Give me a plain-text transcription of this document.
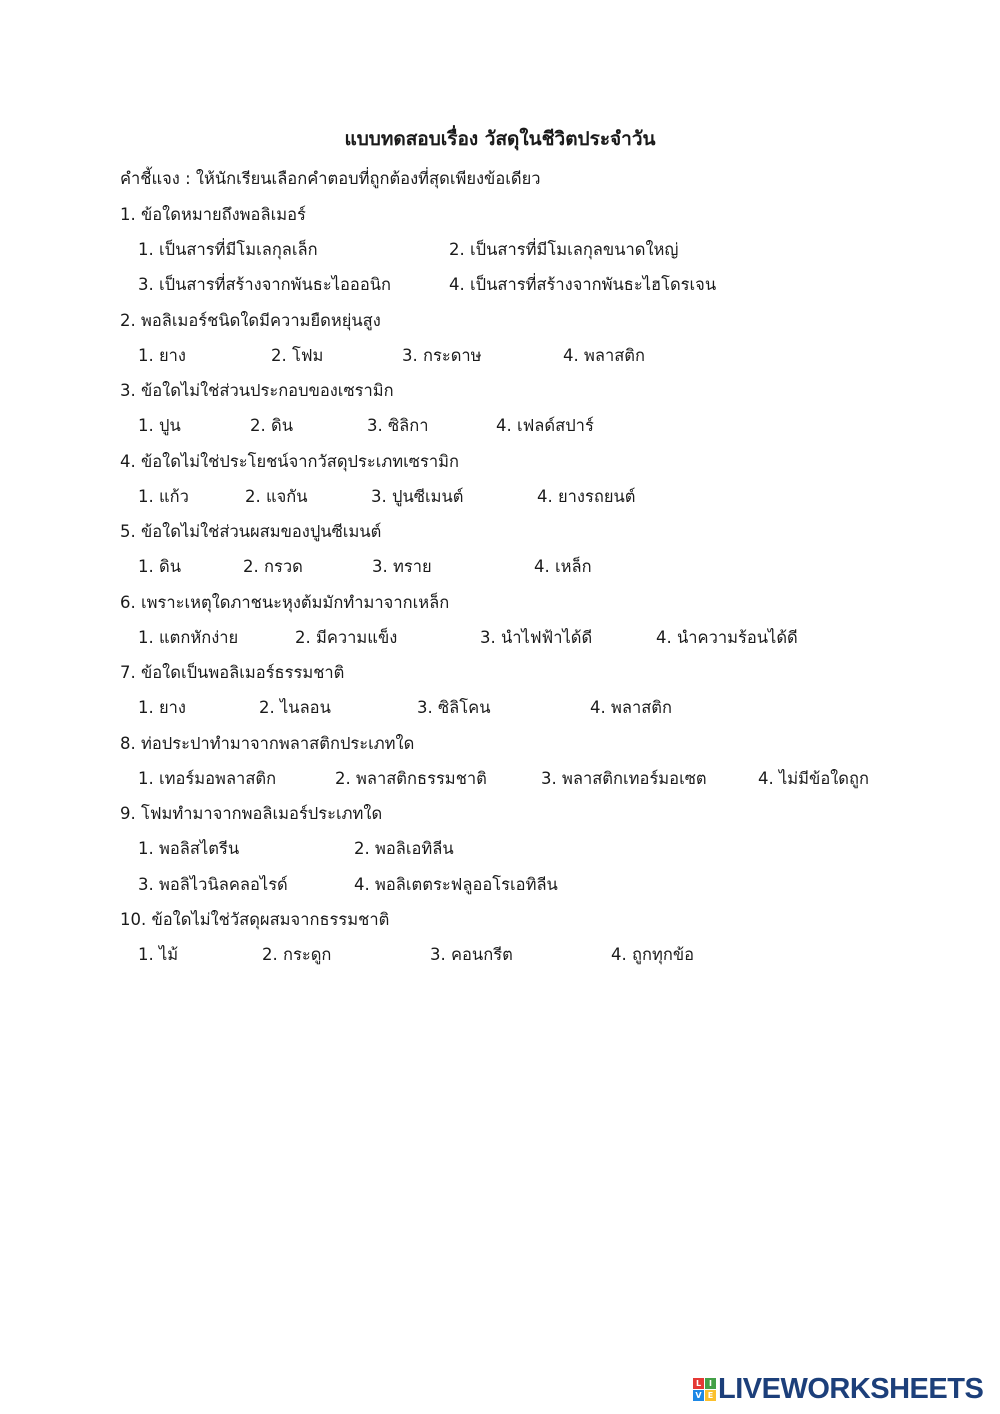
แบบทดสอบเรื่อง วัสดุในชีวิตประจำวัน
คำชี้แจง : ให้นักเรียนเลือกคำตอบที่ถูกต้องที่สุดเพียงข้อเดียว
1. ข้อใดหมายถึงพอลิเมอร์
1. เป็นสารที่มีโมเลกุลเล็ก	2. เป็นสารที่มีโมเลกุลขนาดใหญ่
3. เป็นสารที่สร้างจากพันธะไอออนิก	4. เป็นสารที่สร้างจากพันธะไฮโดรเจน
2. พอลิเมอร์ชนิดใดมีความยืดหยุ่นสูง
1. ยาง	2. โฟม	3. กระดาษ	4. พลาสติก
3. ข้อใดไม่ใช่ส่วนประกอบของเซรามิก
1. ปูน	2. ดิน	3. ซิลิกา	4. เฟลด์สปาร์
4. ข้อใดไม่ใช่ประโยชน์จากวัสดุประเภทเซรามิก
1. แก้ว	2. แจกัน	3. ปูนซีเมนต์	4. ยางรถยนต์
5. ข้อใดไม่ใช่ส่วนผสมของปูนซีเมนต์
1. ดิน	2. กรวด	3. ทราย	4. เหล็ก
6. เพราะเหตุใดภาชนะหุงต้มมักทำมาจากเหล็ก
1. แตกหักง่าย	2. มีความแข็ง	3. นำไฟฟ้าได้ดี	4. นำความร้อนได้ดี
7. ข้อใดเป็นพอลิเมอร์ธรรมชาติ
1. ยาง	2. ไนลอน	3. ซิลิโคน	4. พลาสติก
8. ท่อประปาทำมาจากพลาสติกประเภทใด
1. เทอร์มอพลาสติก	2. พลาสติกธรรมชาติ	3. พลาสติกเทอร์มอเซต	4. ไม่มีข้อใดถูก
9. โฟมทำมาจากพอลิเมอร์ประเภทใด
1. พอลิสไตรีน	2. พอลิเอทิลีน
3. พอลิไวนิลคลอไรด์	4. พอลิเตตระฟลูออโรเอทิลีน
10. ข้อใดไม่ใช่วัสดุผสมจากธรรมชาติ
1. ไม้	2. กระดูก	3. คอนกรีต	4. ถูกทุกข้อ
L I
V E LIVEWORKSHEETS
